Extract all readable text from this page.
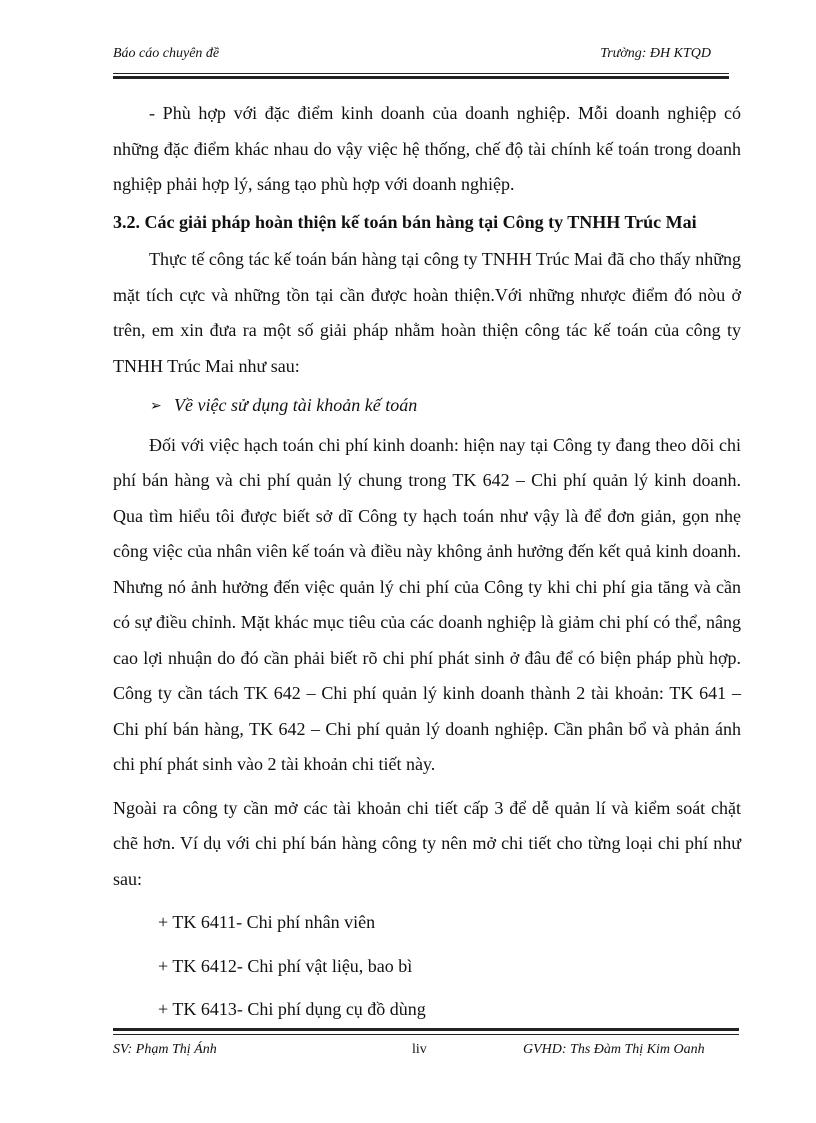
Báo cáo chuyên đề	Trường: ĐH KTQD

- Phù hợp với đặc điểm kinh doanh của doanh nghiệp. Mỗi doanh nghiệp có những đặc điểm khác nhau do vậy việc hệ thống, chế độ tài chính kế toán trong doanh nghiệp phải hợp lý, sáng tạo phù hợp với doanh nghiệp.

3.2. Các giải pháp hoàn thiện kế toán bán hàng tại Công ty TNHH Trúc Mai

Thực tế công tác kế toán bán hàng tại công ty TNHH Trúc Mai đã cho thấy những mặt tích cực và những tồn tại cần được hoàn thiện.Với những nhược điểm đó nòu ở trên, em xin đưa ra một số giải pháp nhằm hoàn thiện công tác kế toán của công ty TNHH Trúc Mai như sau:

➢ Về việc sử dụng tài khoản kế toán

Đối với việc hạch toán chi phí kinh doanh: hiện nay tại Công ty đang theo dõi chi phí bán hàng và chi phí quản lý chung trong TK 642 – Chi phí quản lý kinh doanh. Qua tìm hiểu tôi được biết sở dĩ Công ty hạch toán như vậy là để đơn giản, gọn nhẹ công việc của nhân viên kế toán và điều này không ảnh hưởng đến kết quả kinh doanh. Nhưng nó ảnh hưởng đến việc quản lý chi phí của Công ty khi chi phí gia tăng và cần có sự điều chỉnh. Mặt khác mục tiêu của các doanh nghiệp là giảm chi phí có thể, nâng cao lợi nhuận do đó cần phải biết rõ chi phí phát sinh ở đâu để có biện pháp phù hợp. Công ty cần tách TK 642 – Chi phí quản lý kinh doanh thành 2 tài khoản: TK 641 – Chi phí bán hàng, TK 642 – Chi phí quản lý doanh nghiệp. Cần phân bổ và phản ánh chi phí phát sinh vào 2 tài khoản chi tiết này.

Ngoài ra công ty cần mở các tài khoản chi tiết cấp 3 để dễ quản lí và kiểm soát chặt chẽ hơn. Ví dụ với chi phí bán hàng công ty nên mở chi tiết cho từng loại chi phí như sau:

+ TK 6411- Chi phí nhân viên

+ TK 6412- Chi phí vật liệu, bao bì

+ TK 6413- Chi phí dụng cụ đồ dùng

SV: Phạm Thị Ánh	liv	GVHD: Ths Đàm Thị Kim Oanh
